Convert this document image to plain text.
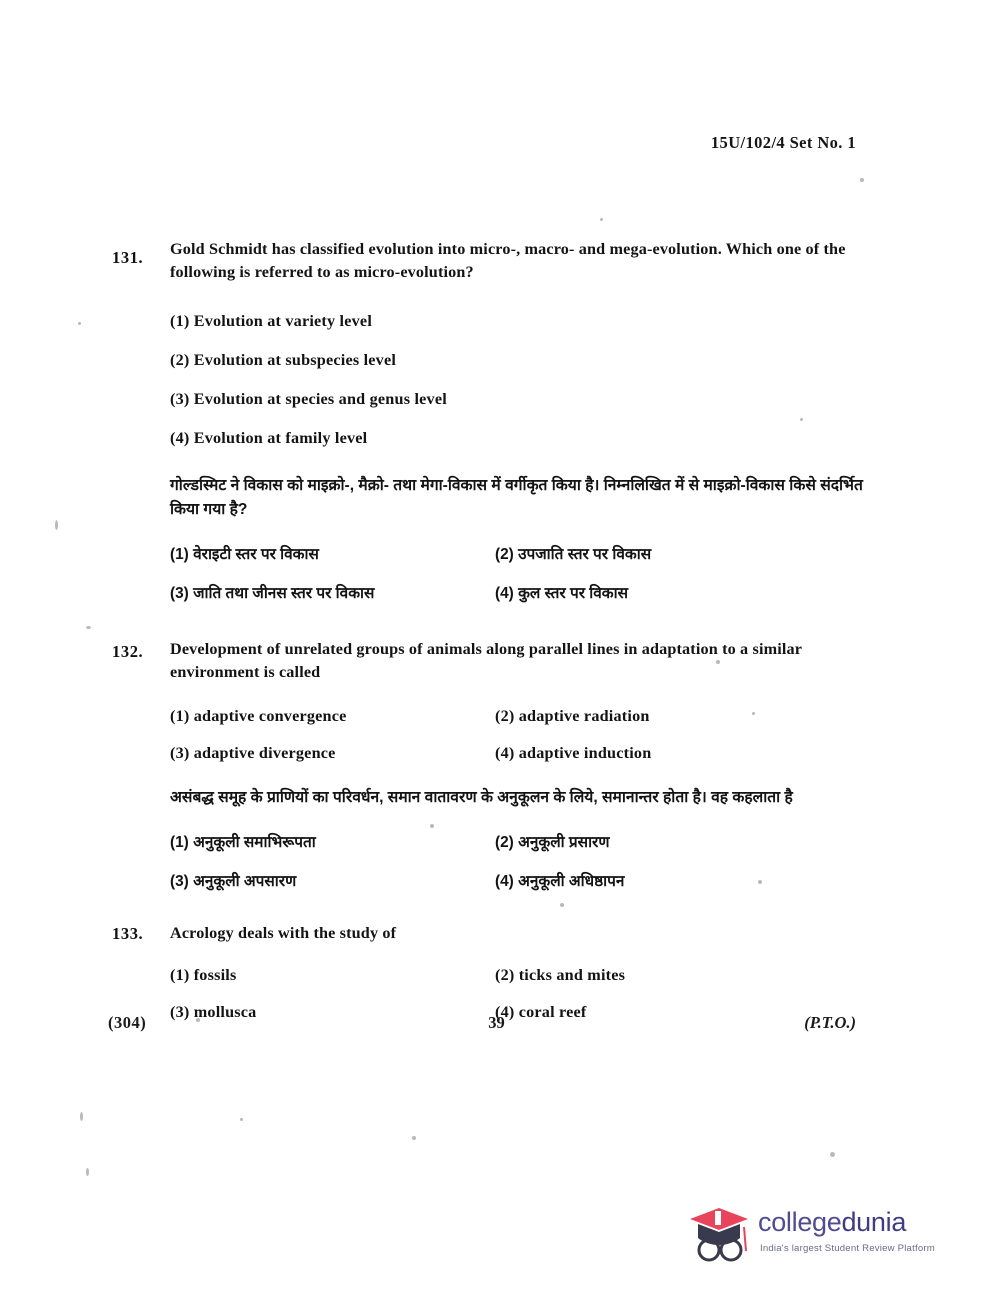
15U/102/4 Set No. 1
131. Gold Schmidt has classified evolution into micro-, macro- and mega-evolution. Which one of the following is referred to as micro-evolution?
(1) Evolution at variety level
(2) Evolution at subspecies level
(3) Evolution at species and genus level
(4) Evolution at family level
गोल्डस्मिट ने विकास को माइक्रो-, मैक्रो- तथा मेगा-विकास में वर्गीकृत किया है। निम्नलिखित में से माइक्रो-विकास किसे संदर्भित किया गया है?
(1) वेराइटी स्तर पर विकास	(2) उपजाति स्तर पर विकास
(3) जाति तथा जीनस स्तर पर विकास	(4) कुल स्तर पर विकास
132. Development of unrelated groups of animals along parallel lines in adaptation to a similar environment is called
(1) adaptive convergence	(2) adaptive radiation
(3) adaptive divergence	(4) adaptive induction
असंबद्ध समूह के प्राणियों का परिवर्धन, समान वातावरण के अनुकूलन के लिये, समानान्तर होता है। वह कहलाता है
(1) अनुकूली समाभिरूपता	(2) अनुकूली प्रसारण
(3) अनुकूली अपसारण	(4) अनुकूली अधिष्ठापन
133. Acrology deals with the study of
(1) fossils	(2) ticks and mites
(3) mollusca	(4) coral reef
(304)	39	(P.T.O.)
collegedunia
India's largest Student Review Platform
